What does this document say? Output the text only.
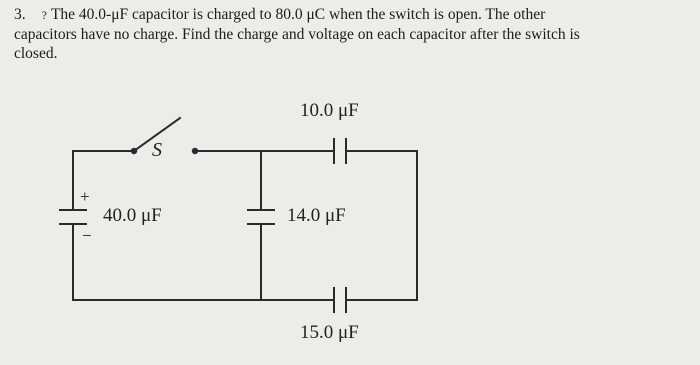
3. ? The 40.0-μF capacitor is charged to 80.0 μC when the switch is open. The other
capacitors have no charge. Find the charge and voltage on each capacitor after the switch is
closed.
S
10.0 μF
40.0 μF	14.0 μF
15.0 μF
+
−
